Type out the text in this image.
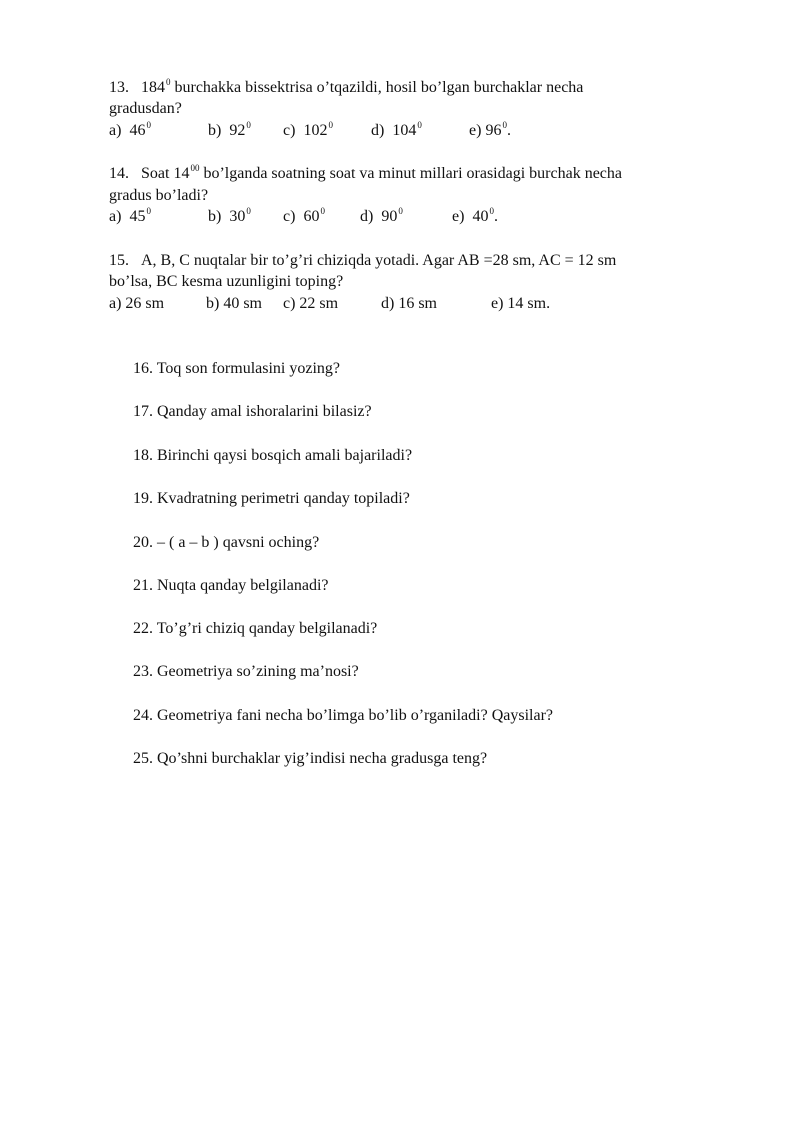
13. $184^0$ burchakka bissektrisa o’tqazildi, hosil bo’lgan burchaklar necha
gradusdan?
a) $46^0$	b) $92^0$ c) $102^0$ d) $104^0$	e) $96^0$.
14. Soat $14^{00}$ bo’lganda soatning soat va minut millari orasidagi burchak necha
gradus bo’ladi?
a) $45^0$	b) $30^0$ c) $60^0$ d) $90^0$	e) $40^0$.
15. A, B, C nuqtalar bir to’g’ri chiziqda yotadi. Agar AB =28 sm, AC = 12 sm
bo’lsa, BC kesma uzunligini toping?
a) 26 sm	b) 40 sm c) 22 sm	d) 16 sm	e) 14 sm.
16. Toq son formulasini yozing?
17. Qanday amal ishoralarini bilasiz?
18. Birinchi qaysi bosqich amali bajariladi?
19. Kvadratning perimetri qanday topiladi?
20. – ( a – b ) qavsni oching?
21. Nuqta qanday belgilanadi?
22. To’g’ri chiziq qanday belgilanadi?
23. Geometriya so’zining ma’nosi?
24. Geometriya fani necha bo’limga bo’lib o’rganiladi? Qaysilar?
25. Qo’shni burchaklar yig’indisi necha gradusga teng?
